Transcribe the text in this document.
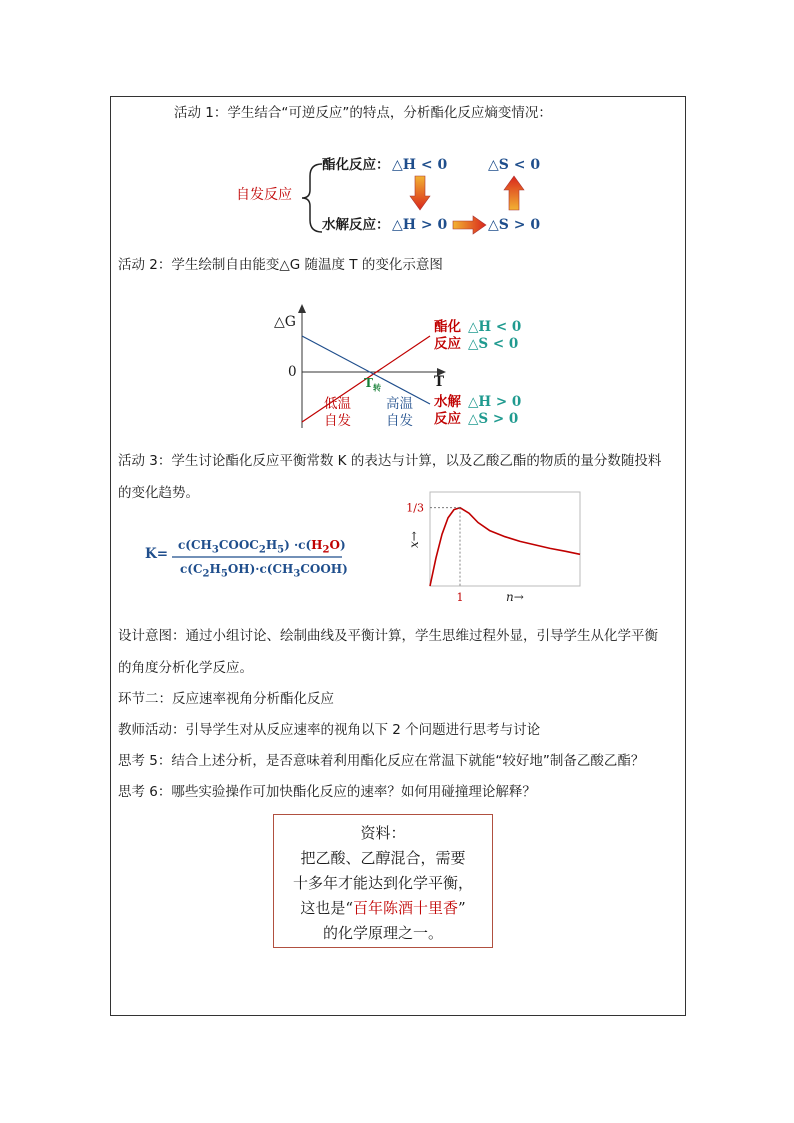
活动 1：学生结合“可逆反应”的特点，分析酯化反应熵变情况：
自发反应
酯化反应： △H < 0	△S < 0
水解反应： △H > 0	△S > 0
活动 2：学生绘制自由能变△G 随温度 T 的变化示意图
△G
0
T
$T_转$
酯化
反应
△H < 0
△S < 0
水解
反应
△H > 0
△S > 0
低温
自发
高温
自发
活动 3：学生讨论酯化反应平衡常数 K 的表达与计算，以及乙酸乙酯的物质的量分数随投料
的变化趋势。
K=
$c(CH_3COOC_2H_5) \cdot c(H_2O)$
$c(C_2H_5OH)\cdot c(CH_3COOH)$
1/3
1	n→
x→
设计意图：通过小组讨论、绘制曲线及平衡计算，学生思维过程外显，引导学生从化学平衡
的角度分析化学反应。
环节二：反应速率视角分析酯化反应
教师活动：引导学生对从反应速率的视角以下 2 个问题进行思考与讨论
思考 5：结合上述分析，是否意味着利用酯化反应在常温下就能“较好地”制备乙酸乙酯？
思考 6：哪些实验操作可加快酯化反应的速率？如何用碰撞理论解释？
资料：
把乙酸、乙醇混合，需要
十多年才能达到化学平衡，
这也是“百年陈酒十里香”
的化学原理之一。
